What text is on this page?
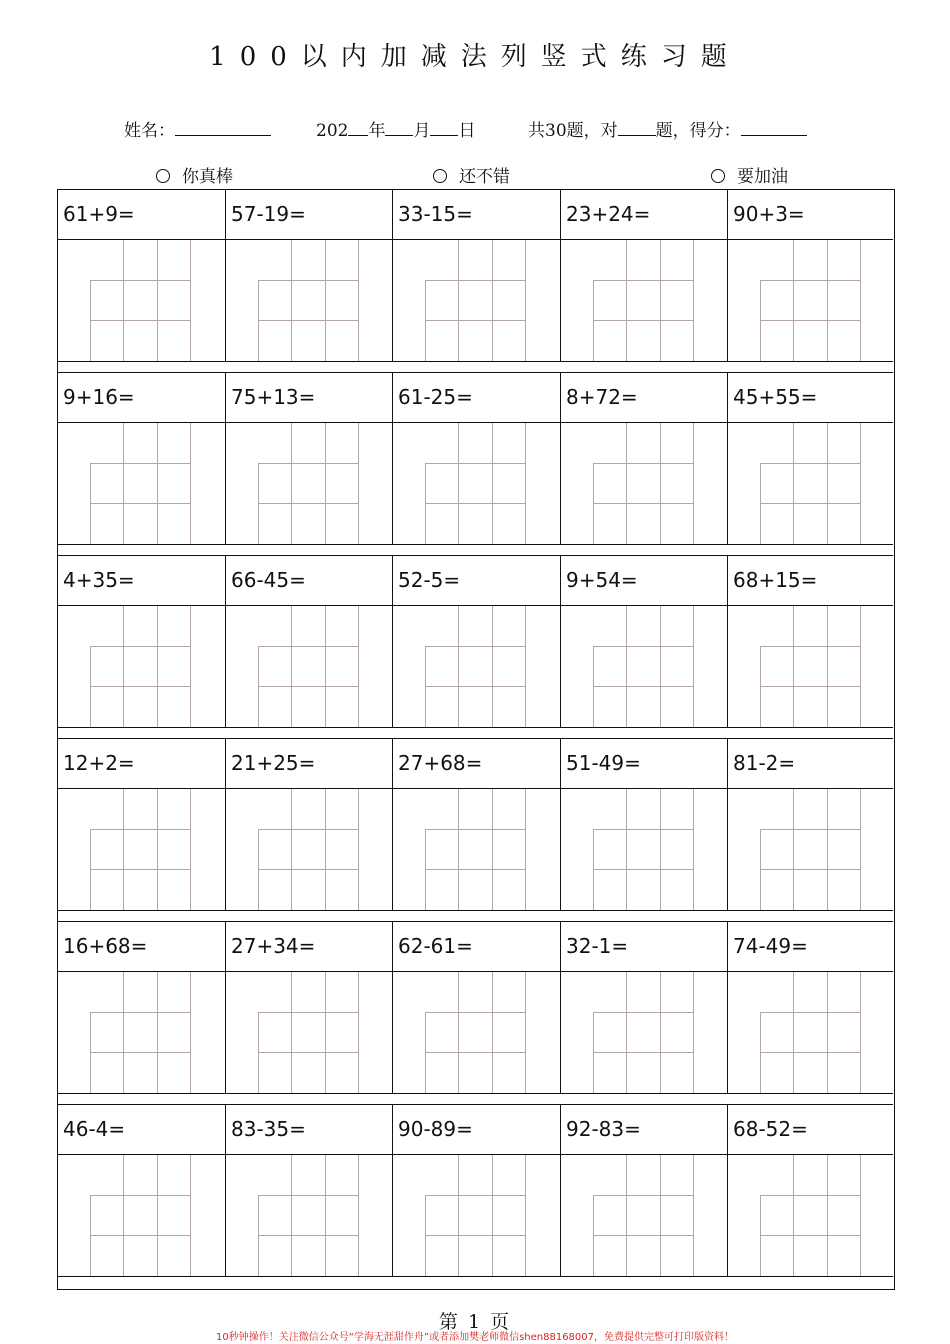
100以内加减法列竖式练习题
姓名：	202 年 月 日	共30题，对 题，得分：
你真棒	还不错	要加油
61+9=	57-19=	33-15=	23+24=	90+3=
9+16=	75+13=	61-25=	8+72=	45+55=
4+35=	66-45=	52-5=	9+54=	68+15=
12+2=	21+25=	27+68=	51-49=	81-2=
16+68=	27+34=	62-61=	32-1=	74-49=
46-4=	83-35=	90-89=	92-83=	68-52=
第 1 页
10秒钟操作！关注微信公众号“学海无涯甜作舟”或者添加樊老师微信shen88168007，免费提供完整可打印版资料！
